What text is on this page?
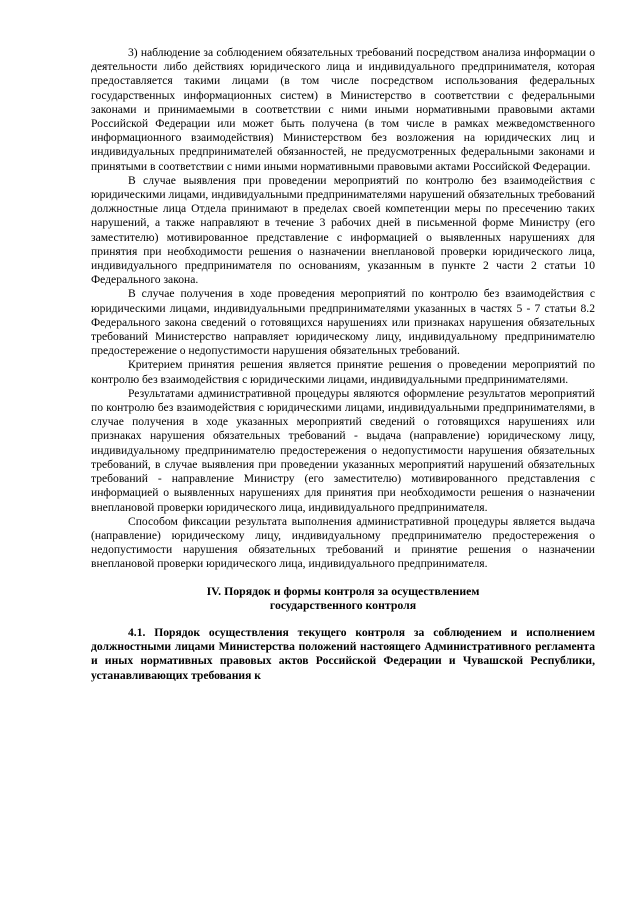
3) наблюдение за соблюдением обязательных требований посредством анализа информации о деятельности либо действиях юридического лица и индивидуального предпринимателя, которая предоставляется такими лицами (в том числе посредством использования федеральных государственных информационных систем) в Министерство в соответствии с федеральными законами и принимаемыми в соответствии с ними иными нормативными правовыми актами Российской Федерации или может быть получена (в том числе в рамках межведомственного информационного взаимодействия) Министерством без возложения на юридических лиц и индивидуальных предпринимателей обязанностей, не предусмотренных федеральными законами и принятыми в соответствии с ними иными нормативными правовыми актами Российской Федерации.

В случае выявления при проведении мероприятий по контролю без взаимодействия с юридическими лицами, индивидуальными предпринимателями нарушений обязательных требований должностные лица Отдела принимают в пределах своей компетенции меры по пресечению таких нарушений, а также направляют в течение 3 рабочих дней в письменной форме Министру (его заместителю) мотивированное представление с информацией о выявленных нарушениях для принятия при необходимости решения о назначении внеплановой проверки юридического лица, индивидуального предпринимателя по основаниям, указанным в пункте 2 части 2 статьи 10 Федерального закона.

В случае получения в ходе проведения мероприятий по контролю без взаимодействия с юридическими лицами, индивидуальными предпринимателями указанных в частях 5 - 7 статьи 8.2 Федерального закона сведений о готовящихся нарушениях или признаках нарушения обязательных требований Министерство направляет юридическому лицу, индивидуальному предпринимателю предостережение о недопустимости нарушения обязательных требований.

Критерием принятия решения является принятие решения о проведении мероприятий по контролю без взаимодействия с юридическими лицами, индивидуальными предпринимателями.

Результатами административной процедуры являются оформление результатов мероприятий по контролю без взаимодействия с юридическими лицами, индивидуальными предпринимателями, в случае получения в ходе указанных мероприятий сведений о готовящихся нарушениях или признаках нарушения обязательных требований - выдача (направление) юридическому лицу, индивидуальному предпринимателю предостережения о недопустимости нарушения обязательных требований, в случае выявления при проведении указанных мероприятий нарушений обязательных требований - направление Министру (его заместителю) мотивированного представления с информацией о выявленных нарушениях для принятия при необходимости решения о назначении внеплановой проверки юридического лица, индивидуального предпринимателя.

Способом фиксации результата выполнения административной процедуры является выдача (направление) юридическому лицу, индивидуальному предпринимателю предостережения о недопустимости нарушения обязательных требований и принятие решения о назначении внеплановой проверки юридического лица, индивидуального предпринимателя.

IV. Порядок и формы контроля за осуществлением
государственного контроля

4.1. Порядок осуществления текущего контроля за соблюдением и исполнением должностными лицами Министерства положений настоящего Административного регламента и иных нормативных правовых актов Российской Федерации и Чувашской Республики, устанавливающих требования к
